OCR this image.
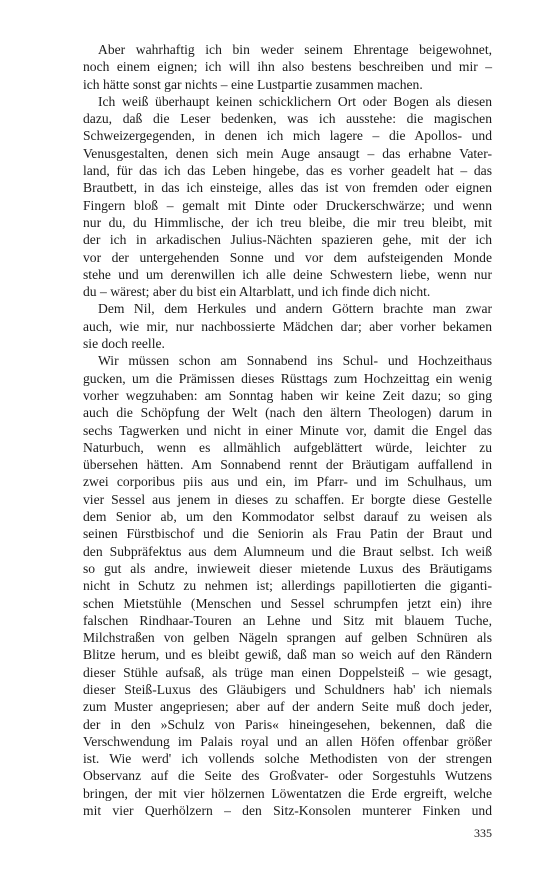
Aber wahrhaftig ich bin weder seinem Ehrentage beigewohnet,
noch einem eignen; ich will ihn also bestens beschreiben und mir –
ich hätte sonst gar nichts – eine Lustpartie zusammen machen.
Ich weiß überhaupt keinen schicklichern Ort oder Bogen als diesen
dazu, daß die Leser bedenken, was ich ausstehe: die magischen
Schweizergegenden, in denen ich mich lagere – die Apollos- und
Venusgestalten, denen sich mein Auge ansaugt – das erhabne Vater-
land, für das ich das Leben hingebe, das es vorher geadelt hat – das
Brautbett, in das ich einsteige, alles das ist von fremden oder eignen
Fingern bloß – gemalt mit Dinte oder Druckerschwärze; und wenn
nur du, du Himmlische, der ich treu bleibe, die mir treu bleibt, mit
der ich in arkadischen Julius-Nächten spazieren gehe, mit der ich
vor der untergehenden Sonne und vor dem aufsteigenden Monde
stehe und um derenwillen ich alle deine Schwestern liebe, wenn nur
du – wärest; aber du bist ein Altarblatt, und ich finde dich nicht.
Dem Nil, dem Herkules und andern Göttern brachte man zwar
auch, wie mir, nur nachbossierte Mädchen dar; aber vorher bekamen
sie doch reelle.
Wir müssen schon am Sonnabend ins Schul- und Hochzeithaus
gucken, um die Prämissen dieses Rüsttags zum Hochzeittag ein wenig
vorher wegzuhaben: am Sonntag haben wir keine Zeit dazu; so ging
auch die Schöpfung der Welt (nach den ältern Theologen) darum in
sechs Tagwerken und nicht in einer Minute vor, damit die Engel das
Naturbuch, wenn es allmählich aufgeblättert würde, leichter zu
übersehen hätten. Am Sonnabend rennt der Bräutigam auffallend in
zwei corporibus piis aus und ein, im Pfarr- und im Schulhaus, um
vier Sessel aus jenem in dieses zu schaffen. Er borgte diese Gestelle
dem Senior ab, um den Kommodator selbst darauf zu weisen als
seinen Fürstbischof und die Seniorin als Frau Patin der Braut und
den Subpräfektus aus dem Alumneum und die Braut selbst. Ich weiß
so gut als andre, inwieweit dieser mietende Luxus des Bräutigams
nicht in Schutz zu nehmen ist; allerdings papillotierten die giganti-
schen Mietstühle (Menschen und Sessel schrumpfen jetzt ein) ihre
falschen Rindhaar-Touren an Lehne und Sitz mit blauem Tuche,
Milchstraßen von gelben Nägeln sprangen auf gelben Schnüren als
Blitze herum, und es bleibt gewiß, daß man so weich auf den Rändern
dieser Stühle aufsaß, als trüge man einen Doppelsteiß – wie gesagt,
dieser Steiß-Luxus des Gläubigers und Schuldners hab' ich niemals
zum Muster angepriesen; aber auf der andern Seite muß doch jeder,
der in den »Schulz von Paris« hineingesehen, bekennen, daß die
Verschwendung im Palais royal und an allen Höfen offenbar größer
ist. Wie werd' ich vollends solche Methodisten von der strengen
Observanz auf die Seite des Großvater- oder Sorgestuhls Wutzens
bringen, der mit vier hölzernen Löwentatzen die Erde ergreift, welche
mit vier Querhölzern – den Sitz-Konsolen munterer Finken und
335
